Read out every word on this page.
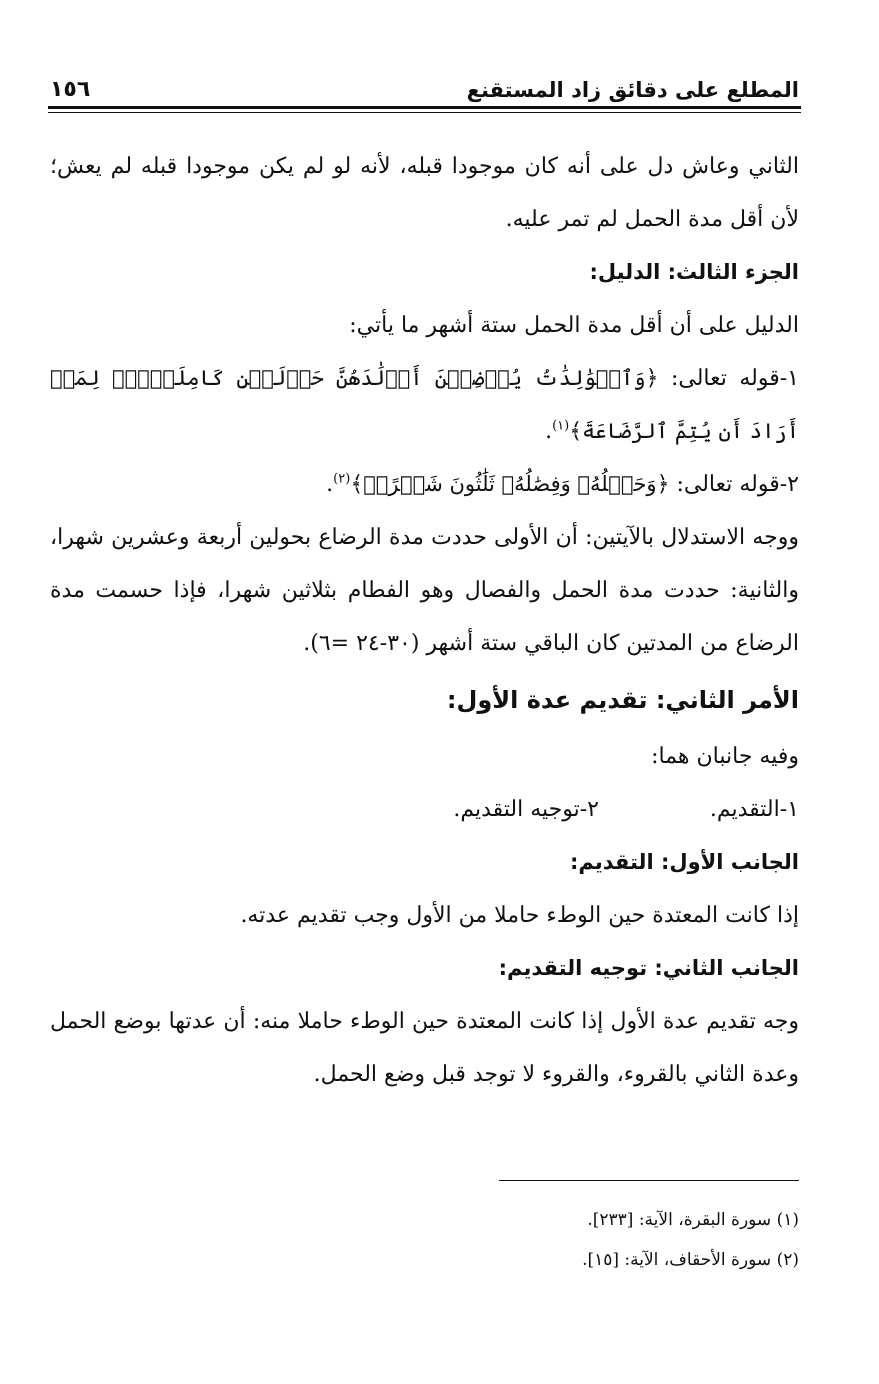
المطلع على دقائق زاد المستقنع
١٥٦

الثاني وعاش دل على أنه كان موجودا قبله، لأنه لو لم يكن موجودا قبله لم يعش؛ لأن أقل مدة الحمل لم تمر عليه.

الجزء الثالث: الدليل:

الدليل على أن أقل مدة الحمل ستة أشهر ما يأتي:

١-قوله تعالى: ﴿وَٱلۡوَٰلِدَٰتُ يُرۡضِعۡنَ أَوۡلَٰدَهُنَّ حَوۡلَيۡنِ كَامِلَيۡنِۖ لِمَنۡ أَرَادَ أَن يُتِمَّ ٱلرَّضَاعَةَ﴾$^{(١)}$.

٢-قوله تعالى: ﴿وَحَمۡلُهُۥ وَفِصَٰلُهُۥ ثَلَٰثُونَ شَهۡرًاۚ﴾$^{(٢)}$.

ووجه الاستدلال بالآيتين: أن الأولى حددت مدة الرضاع بحولين أربعة وعشرين شهرا، والثانية: حددت مدة الحمل والفصال وهو الفطام بثلاثين شهرا، فإذا حسمت مدة الرضاع من المدتين كان الباقي ستة أشهر (٣٠-٢٤ =٦).

الأمر الثاني: تقديم عدة الأول:

وفيه جانبان هما:

١-التقديم.
٢-توجيه التقديم.

الجانب الأول: التقديم:

إذا كانت المعتدة حين الوطء حاملا من الأول وجب تقديم عدته.

الجانب الثاني: توجيه التقديم:

وجه تقديم عدة الأول إذا كانت المعتدة حين الوطء حاملا منه: أن عدتها بوضع الحمل وعدة الثاني بالقروء، والقروء لا توجد قبل وضع الحمل.

(١) سورة البقرة، الآية: [٢٣٣].

(٢) سورة الأحقاف، الآية: [١٥].
